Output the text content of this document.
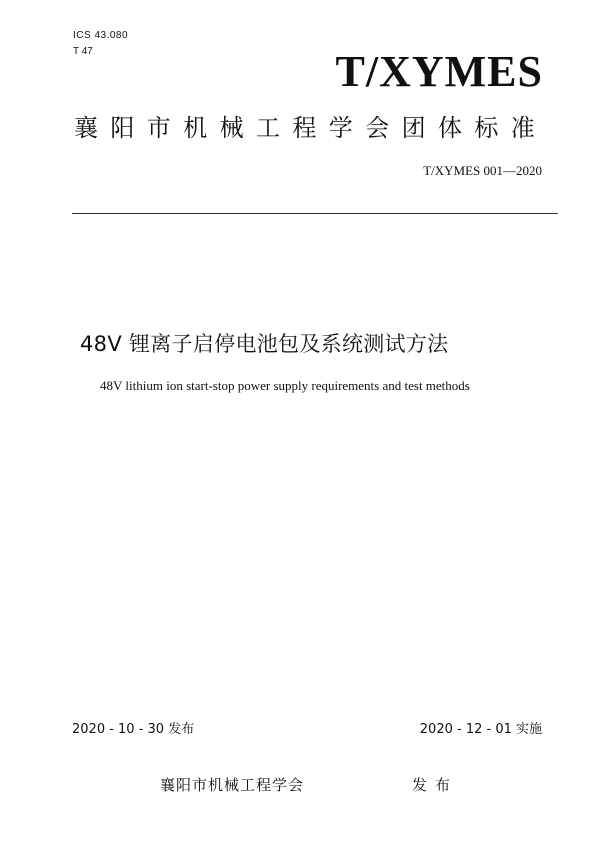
ICS 43.080
T 47	T/XYMES
襄阳市机械工程学会团体标准
T/XYMES 001—2020
48V 锂离子启停电池包及系统测试方法
48V lithium ion start-stop power supply requirements and test methods
2020 - 10 - 30 发布	2020 - 12 - 01 实施
襄阳市机械工程学会	发布
